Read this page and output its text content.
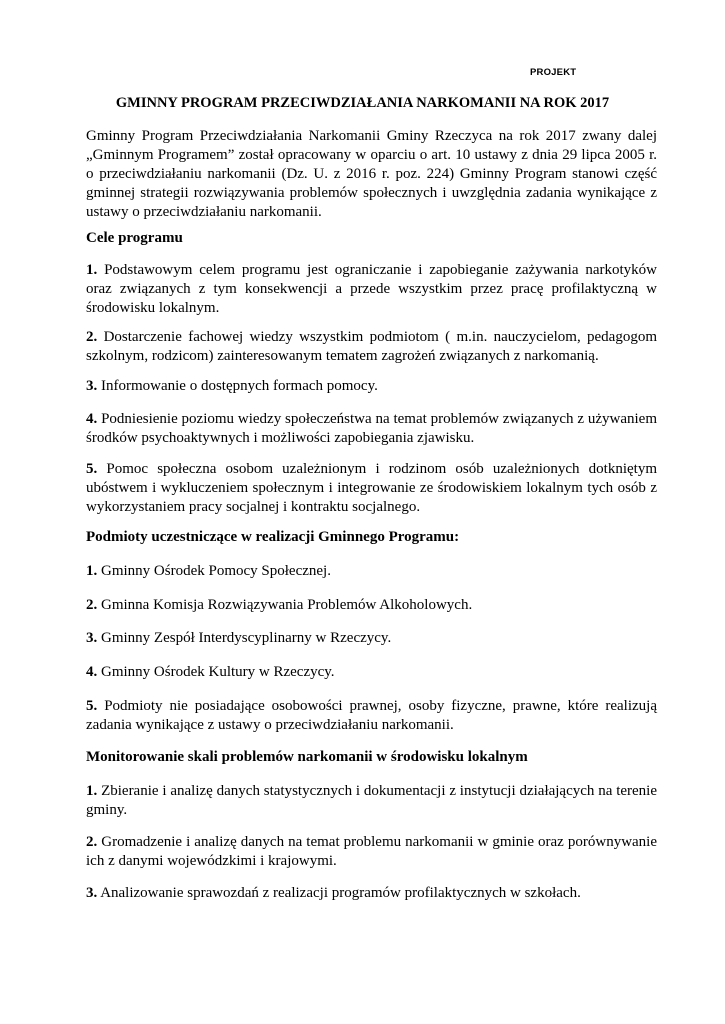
PROJEKT
GMINNY PROGRAM PRZECIWDZIAŁANIA NARKOMANII NA ROK 2017
Gminny Program Przeciwdziałania Narkomanii Gminy Rzeczyca na rok 2017 zwany dalej „Gminnym Programem” został opracowany w oparciu o art. 10 ustawy z dnia 29 lipca 2005 r. o przeciwdziałaniu narkomanii (Dz. U. z 2016 r. poz. 224) Gminny Program stanowi część gminnej strategii rozwiązywania problemów społecznych i uwzględnia zadania wynikające z ustawy o przeciwdziałaniu narkomanii.
Cele programu
1. Podstawowym celem programu jest ograniczanie i zapobieganie zażywania narkotyków oraz związanych z tym konsekwencji a przede wszystkim przez pracę profilaktyczną w środowisku lokalnym.
2. Dostarczenie fachowej wiedzy wszystkim podmiotom ( m.in. nauczycielom, pedagogom szkolnym, rodzicom) zainteresowanym tematem zagrożeń związanych z narkomanią.
3. Informowanie o dostępnych formach pomocy.
4. Podniesienie poziomu wiedzy społeczeństwa na temat problemów związanych z używaniem środków psychoaktywnych i możliwości zapobiegania zjawisku.
5. Pomoc społeczna osobom uzależnionym i rodzinom osób uzależnionych dotkniętym ubóstwem i wykluczeniem społecznym i integrowanie ze środowiskiem lokalnym tych osób z wykorzystaniem pracy socjalnej i kontraktu socjalnego.
Podmioty uczestniczące w realizacji Gminnego Programu:
1. Gminny Ośrodek Pomocy Społecznej.
2. Gminna Komisja Rozwiązywania Problemów Alkoholowych.
3. Gminny Zespół Interdyscyplinarny w Rzeczycy.
4. Gminny Ośrodek Kultury w Rzeczycy.
5. Podmioty nie posiadające osobowości prawnej, osoby fizyczne, prawne, które realizują zadania wynikające z ustawy o przeciwdziałaniu narkomanii.
Monitorowanie skali problemów narkomanii w środowisku lokalnym
1. Zbieranie i analizę danych statystycznych i dokumentacji z instytucji działających na terenie gminy.
2. Gromadzenie i analizę danych na temat problemu narkomanii w gminie oraz porównywanie ich z danymi wojewódzkimi i krajowymi.
3. Analizowanie sprawozdań z realizacji programów profilaktycznych w szkołach.
